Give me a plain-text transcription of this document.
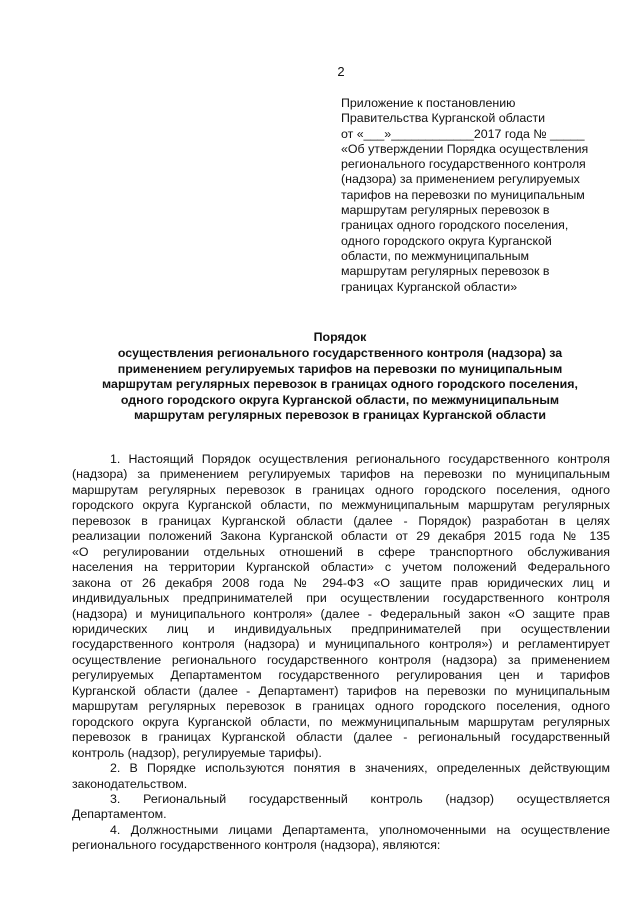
2
Приложение к постановлению
Правительства Курганской области
от «___»____________2017 года № _____
«Об утверждении Порядка осуществления
регионального государственного контроля
(надзора) за применением регулируемых
тарифов на перевозки по муниципальным
маршрутам регулярных перевозок в
границах одного городского поселения,
одного городского округа Курганской
области, по межмуниципальным
маршрутам регулярных перевозок в
границах Курганской области»
Порядок
осуществления регионального государственного контроля (надзора) за
применением регулируемых тарифов на перевозки по муниципальным
маршрутам регулярных перевозок в границах одного городского поселения,
одного городского округа Курганской области, по межмуниципальным
маршрутам регулярных перевозок в границах Курганской области
1. Настоящий Порядок осуществления регионального государственного контроля
(надзора) за применением регулируемых тарифов на перевозки по муниципальным
маршрутам регулярных перевозок в границах одного городского поселения, одного
городского округа Курганской области, по межмуниципальным маршрутам регулярных
перевозок в границах Курганской области (далее - Порядок) разработан в целях
реализации положений Закона Курганской области от 29 декабря 2015 года № 135
«О регулировании отдельных отношений в сфере транспортного обслуживания
населения на территории Курганской области» с учетом положений Федерального
закона от 26 декабря 2008 года № 294-ФЗ «О защите прав юридических лиц и
индивидуальных предпринимателей при осуществлении государственного контроля
(надзора) и муниципального контроля» (далее - Федеральный закон «О защите прав
юридических лиц и индивидуальных предпринимателей при осуществлении
государственного контроля (надзора) и муниципального контроля») и регламентирует
осуществление регионального государственного контроля (надзора) за применением
регулируемых Департаментом государственного регулирования цен и тарифов
Курганской области (далее - Департамент) тарифов на перевозки по муниципальным
маршрутам регулярных перевозок в границах одного городского поселения, одного
городского округа Курганской области, по межмуниципальным маршрутам регулярных
перевозок в границах Курганской области (далее - региональный государственный
контроль (надзор), регулируемые тарифы).
2. В Порядке используются понятия в значениях, определенных действующим
законодательством.
3. Региональный государственный контроль (надзор) осуществляется
Департаментом.
4. Должностными лицами Департамента, уполномоченными на осуществление
регионального государственного контроля (надзора), являются:
